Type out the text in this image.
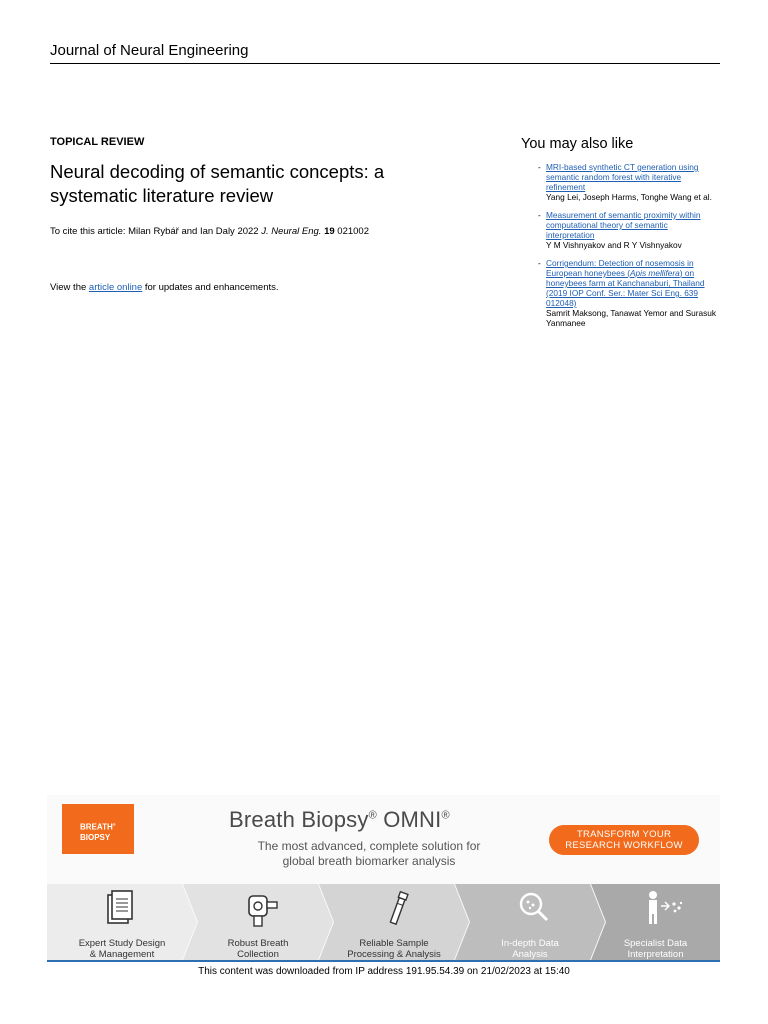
Journal of Neural Engineering
TOPICAL REVIEW
Neural decoding of semantic concepts: a systematic literature review
To cite this article: Milan Rybář and Ian Daly 2022 J. Neural Eng. 19 021002
View the article online for updates and enhancements.
You may also like
- MRI-based synthetic CT generation using semantic random forest with iterative refinement
Yang Lei, Joseph Harms, Tonghe Wang et al.
- Measurement of semantic proximity within computational theory of semantic interpretation
Y M Vishnyakov and R Y Vishnyakov
- Corrigendum: Detection of nosemosis in European honeybees (Apis mellifera) on honeybees farm at Kanchanaburi, Thailand (2019 IOP Conf. Ser.: Mater Sci Eng. 639 012048)
Samrit Maksong, Tanawat Yemor and Surasuk Yanmanee
BREATH®
BIOPSY
Breath Biopsy® OMNI®
The most advanced, complete solution for
global breath biomarker analysis
TRANSFORM YOUR
RESEARCH WORKFLOW
Expert Study Design
& Management
Robust Breath
Collection
Reliable Sample
Processing & Analysis
In-depth Data
Analysis
Specialist Data
Interpretation
This content was downloaded from IP address 191.95.54.39 on 21/02/2023 at 15:40
